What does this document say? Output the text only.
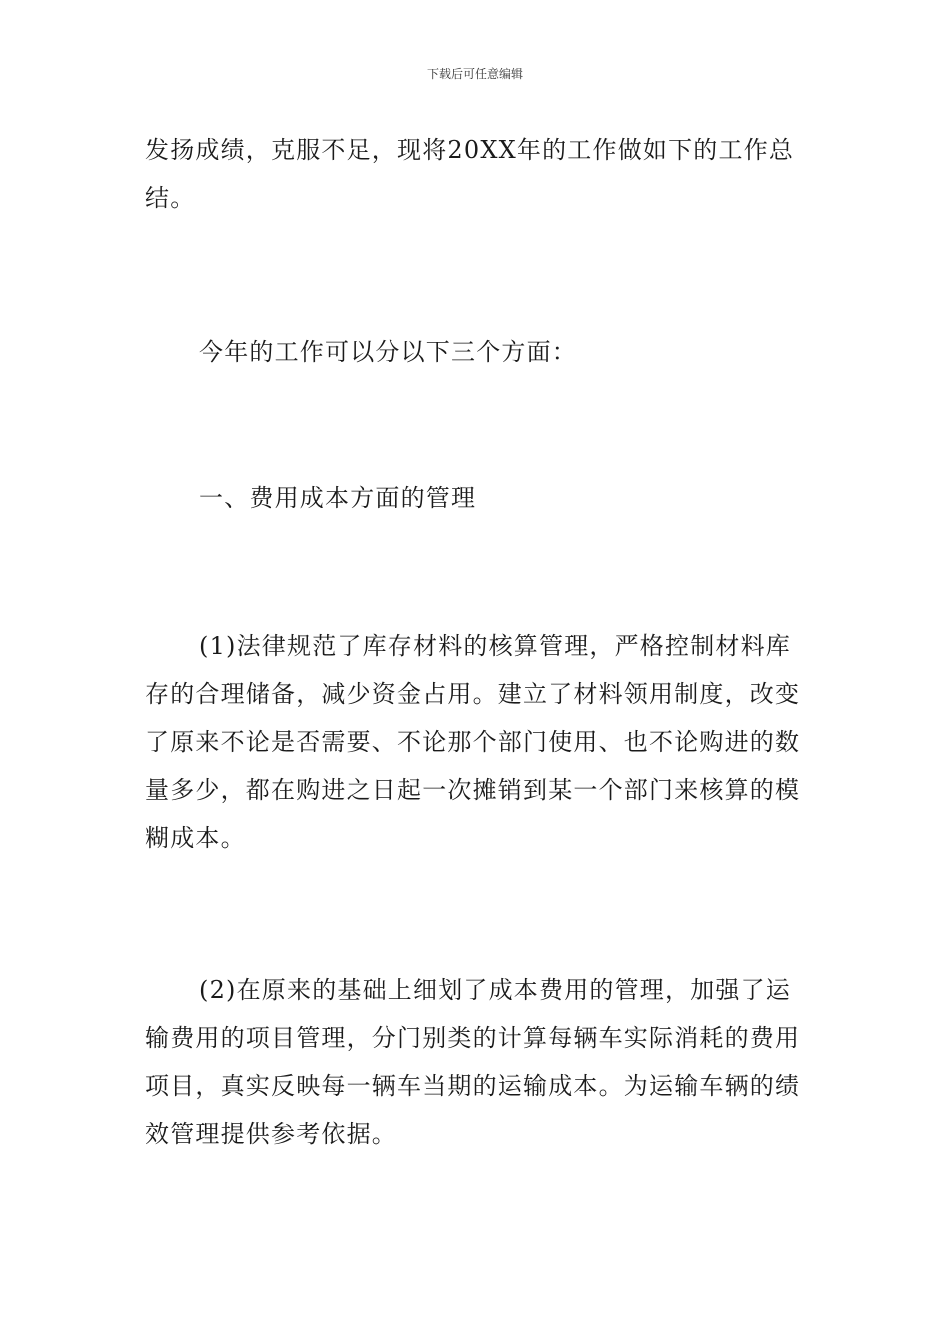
下载后可任意编辑

发扬成绩，克服不足，现将20XX年的工作做如下的工作总结。

今年的工作可以分以下三个方面：

一、费用成本方面的管理

(1)法律规范了库存材料的核算管理，严格控制材料库存的合理储备，减少资金占用。建立了材料领用制度，改变了原来不论是否需要、不论那个部门使用、也不论购进的数量多少，都在购进之日起一次摊销到某一个部门来核算的模糊成本。

(2)在原来的基础上细划了成本费用的管理，加强了运输费用的项目管理，分门别类的计算每辆车实际消耗的费用项目，真实反映每一辆车当期的运输成本。为运输车辆的绩效管理提供参考依据。
